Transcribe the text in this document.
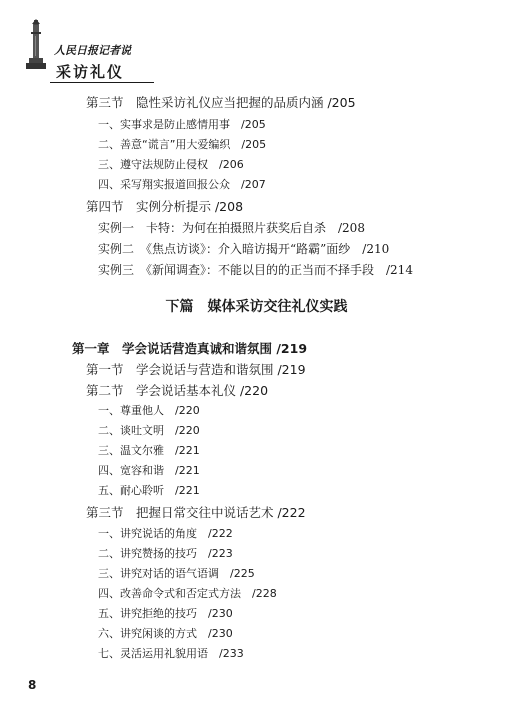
人民日报记者说
采访礼仪
第三节　隐性采访礼仪应当把握的品质内涵 /205
一、实事求是防止感情用事　/205
二、善意“谎言”用大爱编织　/205
三、遵守法规防止侵权　/206
四、采写翔实报道回报公众　/207
第四节　实例分析提示 /208
实例一　卡特：为何在拍摄照片获奖后自杀　/208
实例二　《焦点访谈》：介入暗访揭开“路霸”面纱　/210
实例三　《新闻调查》：不能以目的的正当而不择手段　/214
下篇　媒体采访交往礼仪实践
第一章　学会说话营造真诚和谐氛围 /219
第一节　学会说话与营造和谐氛围 /219
第二节　学会说话基本礼仪 /220
一、尊重他人　/220
二、谈吐文明　/220
三、温文尔雅　/221
四、宽容和谐　/221
五、耐心聆听　/221
第三节　把握日常交往中说话艺术 /222
一、讲究说话的角度　/222
二、讲究赞扬的技巧　/223
三、讲究对话的语气语调　/225
四、改善命令式和否定式方法　/228
五、讲究拒绝的技巧　/230
六、讲究闲谈的方式　/230
七、灵活运用礼貌用语　/233
8
